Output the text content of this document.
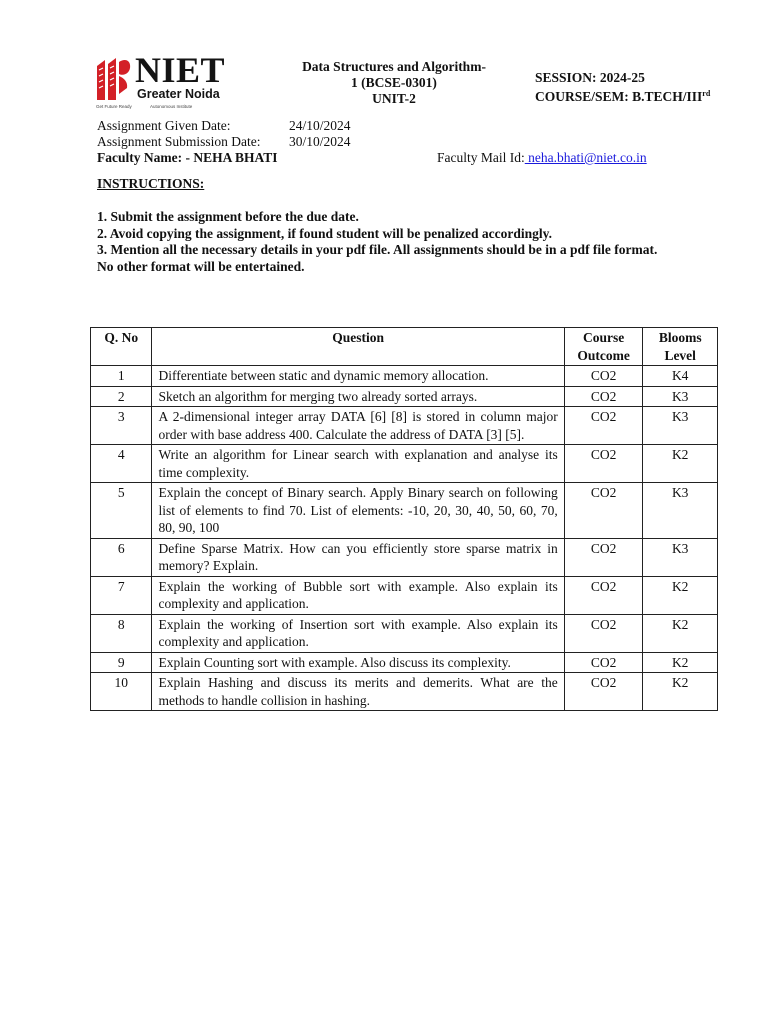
NIET
Greater Noida
Get Future Ready	Autonomous Institute
Data Structures and Algorithm-
1 (BCSE-0301)
UNIT-2
SESSION: 2024-25
COURSE/SEM: B.TECH/IIIrd
Assignment Given Date:	24/10/2024
Assignment Submission Date: 30/10/2024
Faculty Name: - NEHA BHATI	Faculty Mail Id: neha.bhati@niet.co.in
INSTRUCTIONS:
1. Submit the assignment before the due date.
2. Avoid copying the assignment, if found student will be penalized accordingly.
3. Mention all the necessary details in your pdf file. All assignments should be in a pdf file format.
No other format will be entertained.
Q. No	Question	Course Outcome	Blooms Level
1	Differentiate between static and dynamic memory allocation.	CO2	K4
2	Sketch an algorithm for merging two already sorted arrays.	CO2	K3
3	A 2-dimensional integer array DATA [6] [8] is stored in column major order with base address 400. Calculate the address of DATA [3] [5].	CO2	K3
4	Write an algorithm for Linear search with explanation and analyse its time complexity.	CO2	K2
5	Explain the concept of Binary search. Apply Binary search on following list of elements to find 70. List of elements: -10, 20, 30, 40, 50, 60, 70, 80, 90, 100	CO2	K3
6	Define Sparse Matrix. How can you efficiently store sparse matrix in memory? Explain.	CO2	K3
7	Explain the working of Bubble sort with example. Also explain its complexity and application.	CO2	K2
8	Explain the working of Insertion sort with example. Also explain its complexity and application.	CO2	K2
9	Explain Counting sort with example. Also discuss its complexity.	CO2	K2
10	Explain Hashing and discuss its merits and demerits. What are the methods to handle collision in hashing.	CO2	K2
